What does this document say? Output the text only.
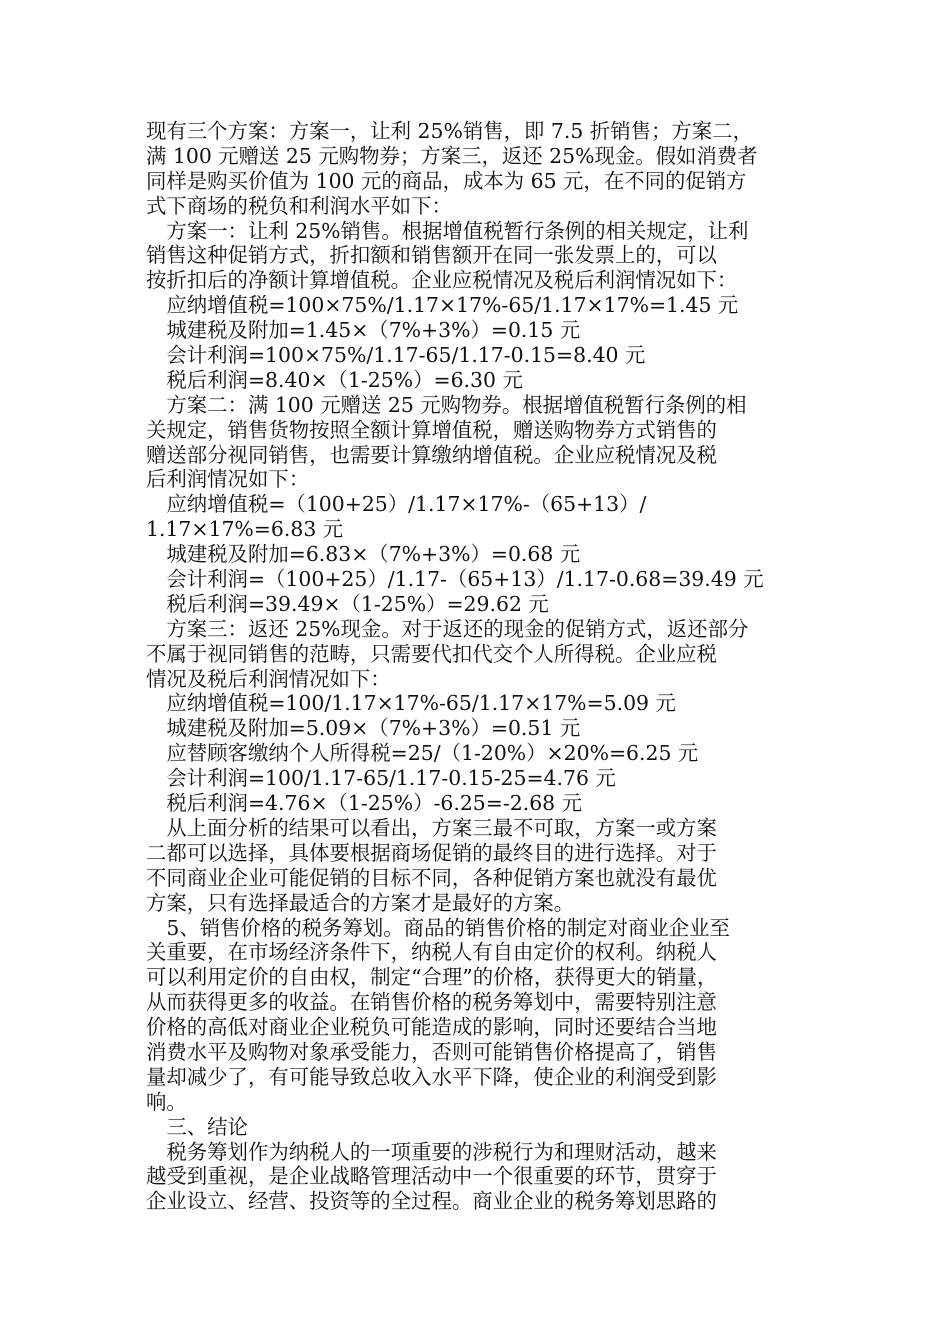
现有三个方案：方案一，让利 25%销售，即 7.5 折销售；方案二，
满 100 元赠送 25 元购物券；方案三，返还 25%现金。假如消费者
同样是购买价值为 100 元的商品，成本为 65 元，在不同的促销方
式下商场的税负和利润水平如下：
　方案一：让利 25%销售。根据增值税暂行条例的相关规定，让利
销售这种促销方式，折扣额和销售额开在同一张发票上的，可以
按折扣后的净额计算增值税。企业应税情况及税后利润情况如下：
　应纳增值税=100×75%/1.17×17%-65/1.17×17%=1.45 元
　城建税及附加=1.45×（7%+3%）=0.15 元
　会计利润=100×75%/1.17-65/1.17-0.15=8.40 元
　税后利润=8.40×（1-25%）=6.30 元
　方案二：满 100 元赠送 25 元购物券。根据增值税暂行条例的相
关规定，销售货物按照全额计算增值税，赠送购物券方式销售的
赠送部分视同销售，也需要计算缴纳增值税。企业应税情况及税
后利润情况如下：
　应纳增值税=（100+25）/1.17×17%-（65+13）/
1.17×17%=6.83 元
　城建税及附加=6.83×（7%+3%）=0.68 元
　会计利润=（100+25）/1.17-（65+13）/1.17-0.68=39.49 元
　税后利润=39.49×（1-25%）=29.62 元
　方案三：返还 25%现金。对于返还的现金的促销方式，返还部分
不属于视同销售的范畴，只需要代扣代交个人所得税。企业应税
情况及税后利润情况如下：
　应纳增值税=100/1.17×17%-65/1.17×17%=5.09 元
　城建税及附加=5.09×（7%+3%）=0.51 元
　应替顾客缴纳个人所得税=25/（1-20%）×20%=6.25 元
　会计利润=100/1.17-65/1.17-0.15-25=4.76 元
　税后利润=4.76×（1-25%）-6.25=-2.68 元
　从上面分析的结果可以看出，方案三最不可取，方案一或方案
二都可以选择，具体要根据商场促销的最终目的进行选择。对于
不同商业企业可能促销的目标不同，各种促销方案也就没有最优
方案，只有选择最适合的方案才是最好的方案。
　5、销售价格的税务筹划。商品的销售价格的制定对商业企业至
关重要，在市场经济条件下，纳税人有自由定价的权利。纳税人
可以利用定价的自由权，制定“合理”的价格，获得更大的销量，
从而获得更多的收益。在销售价格的税务筹划中，需要特别注意
价格的高低对商业企业税负可能造成的影响，同时还要结合当地
消费水平及购物对象承受能力，否则可能销售价格提高了，销售
量却减少了，有可能导致总收入水平下降，使企业的利润受到影
响。
　三、结论
　税务筹划作为纳税人的一项重要的涉税行为和理财活动，越来
越受到重视，是企业战略管理活动中一个很重要的环节，贯穿于
企业设立、经营、投资等的全过程。商业企业的税务筹划思路的
